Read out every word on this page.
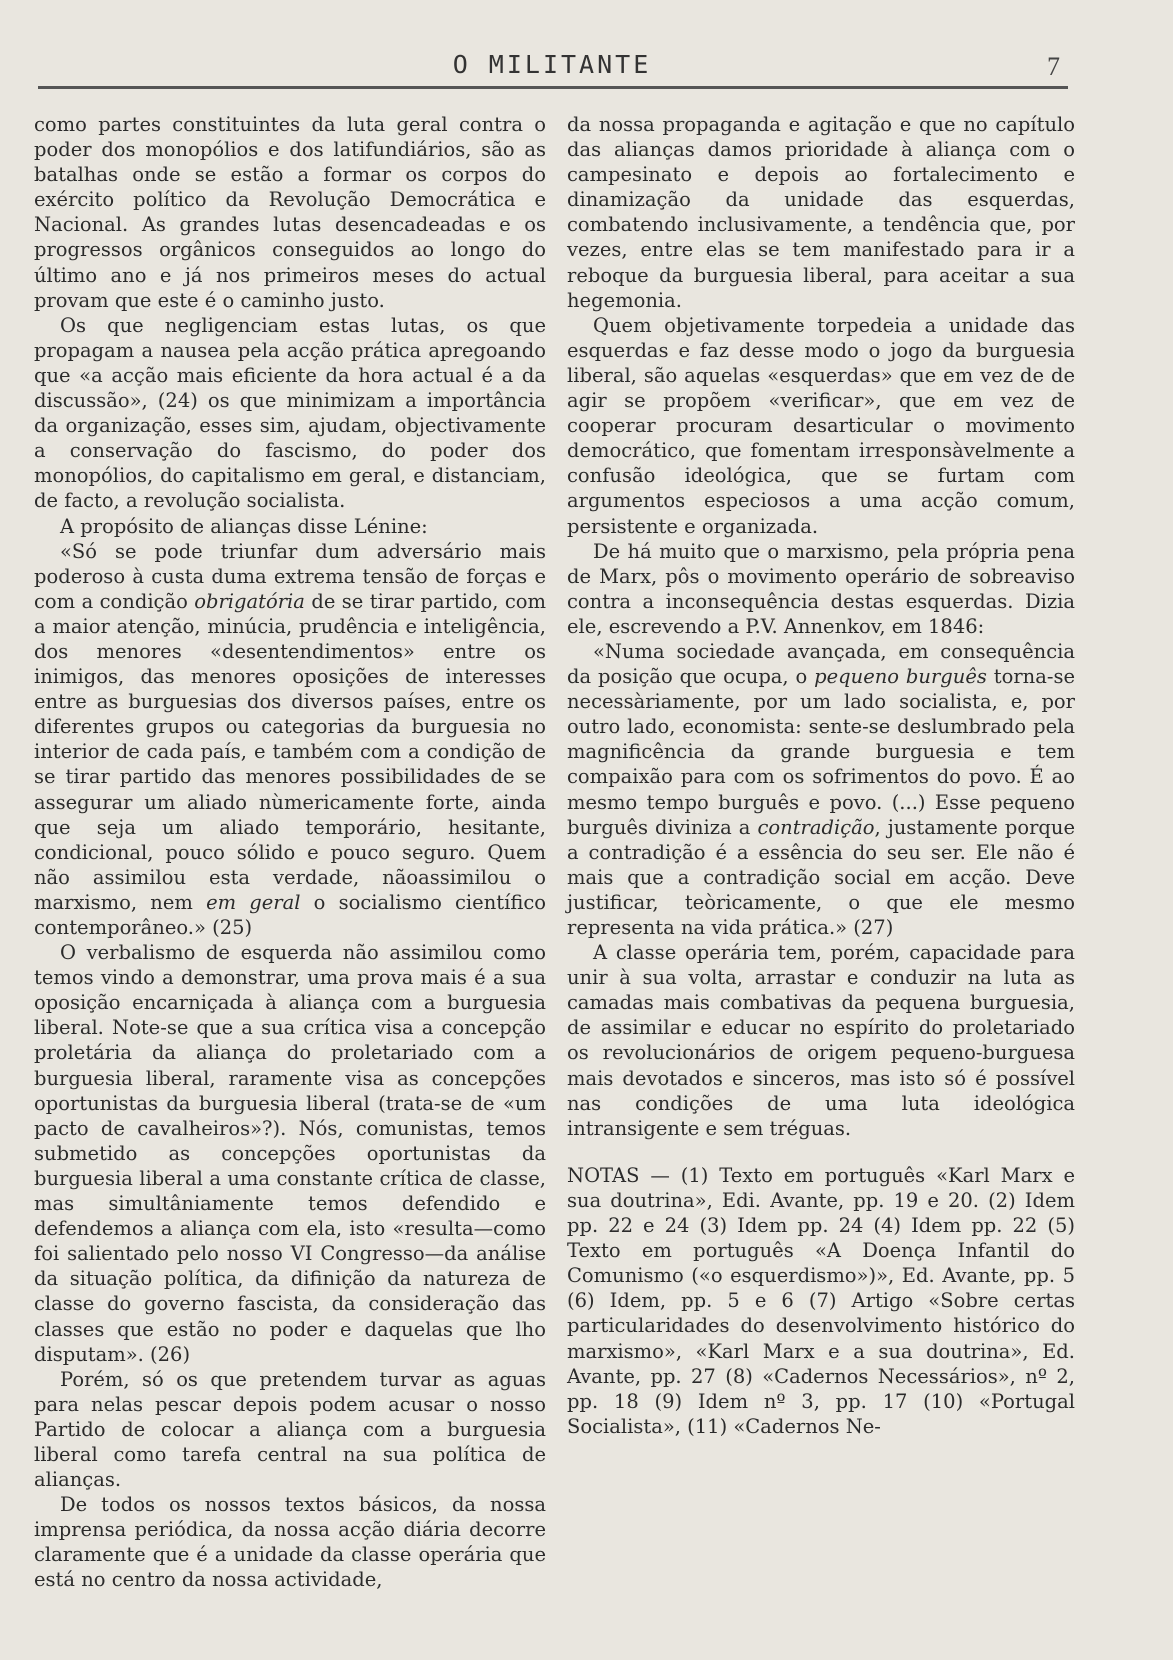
O MILITANTE	7

como partes constituintes da luta geral contra o poder dos monopólios e dos latifundiários, são as batalhas onde se estão a formar os corpos do exército político da Revolução Democrática e Nacional. As grandes lutas desencadeadas e os progressos orgânicos conseguidos ao longo do último ano e já nos primeiros meses do actual provam que este é o caminho justo.

Os que negligenciam estas lutas, os que propagam a nausea pela acção prática apregoando que «a acção mais eficiente da hora actual é a da discussão», (24) os que minimizam a importância da organização, esses sim, ajudam, objectivamente a conservação do fascismo, do poder dos monopólios, do capitalismo em geral, e distanciam, de facto, a revolução socialista.

A propósito de alianças disse Lénine:

«Só se pode triunfar dum adversário mais poderoso à custa duma extrema tensão de forças e com a condição obrigatória de se tirar partido, com a maior atenção, minúcia, prudência e inteligência, dos menores «desentendimentos» entre os inimigos, das menores oposições de interesses entre as burguesias dos diversos países, entre os diferentes grupos ou categorias da burguesia no interior de cada país, e também com a condição de se tirar partido das menores possibilidades de se assegurar um aliado nùmericamente forte, ainda que seja um aliado temporário, hesitante, condicional, pouco sólido e pouco seguro. Quem não assimilou esta verdade, nãoassimilou o marxismo, nem em geral o socialismo científico contemporâneo.» (25)

O verbalismo de esquerda não assimilou como temos vindo a demonstrar, uma prova mais é a sua oposição encarniçada à aliança com a burguesia liberal. Note-se que a sua crítica visa a concepção proletária da aliança do proletariado com a burguesia liberal, raramente visa as concepções oportunistas da burguesia liberal (trata-se de «um pacto de cavalheiros»?). Nós, comunistas, temos submetido as concepções oportunistas da burguesia liberal a uma constante crítica de classe, mas simultâniamente temos defendido e defendemos a aliança com ela, isto «resulta—como foi salientado pelo nosso VI Congresso—da análise da situação política, da difinição da natureza de classe do governo fascista, da consideração das classes que estão no poder e daquelas que lho disputam». (26)

Porém, só os que pretendem turvar as aguas para nelas pescar depois podem acusar o nosso Partido de colocar a aliança com a burguesia liberal como tarefa central na sua política de alianças.

De todos os nossos textos básicos, da nossa imprensa periódica, da nossa acção diária decorre claramente que é a unidade da classe operária que está no centro da nossa actividade,

da nossa propaganda e agitação e que no capítulo das alianças damos prioridade à aliança com o campesinato e depois ao fortalecimento e dinamização da unidade das esquerdas, combatendo inclusivamente, a tendência que, por vezes, entre elas se tem manifestado para ir a reboque da burguesia liberal, para aceitar a sua hegemonia.

Quem objetivamente torpedeia a unidade das esquerdas e faz desse modo o jogo da burguesia liberal, são aquelas «esquerdas» que em vez de de agir se propõem «verificar», que em vez de cooperar procuram desarticular o movimento democrático, que fomentam irresponsàvelmente a confusão ideológica, que se furtam com argumentos especiosos a uma acção comum, persistente e organizada.

De há muito que o marxismo, pela própria pena de Marx, pôs o movimento operário de sobreaviso contra a inconsequência destas esquerdas. Dizia ele, escrevendo a P.V. Annenkov, em 1846:

«Numa sociedade avançada, em consequência da posição que ocupa, o pequeno burguês torna-se necessàriamente, por um lado socialista, e, por outro lado, economista: sente-se deslumbrado pela magnificência da grande burguesia e tem compaixão para com os sofrimentos do povo. É ao mesmo tempo burguês e povo. (...) Esse pequeno burguês diviniza a contradição, justamente porque a contradição é a essência do seu ser. Ele não é mais que a contradição social em acção. Deve justificar, teòricamente, o que ele mesmo representa na vida prática.» (27)

A classe operária tem, porém, capacidade para unir à sua volta, arrastar e conduzir na luta as camadas mais combativas da pequena burguesia, de assimilar e educar no espírito do proletariado os revolucionários de origem pequeno-burguesa mais devotados e sinceros, mas isto só é possível nas condições de uma luta ideológica intransigente e sem tréguas.

NOTAS — (1) Texto em português «Karl Marx e sua doutrina», Edi. Avante, pp. 19 e 20. (2) Idem pp. 22 e 24 (3) Idem pp. 24 (4) Idem pp. 22 (5) Texto em português «A Doença Infantil do Comunismo («o esquerdismo»)», Ed. Avante, pp. 5 (6) Idem, pp. 5 e 6 (7) Artigo «Sobre certas particularidades do desenvolvimento histórico do marxismo», «Karl Marx e a sua doutrina», Ed. Avante, pp. 27 (8) «Cadernos Necessários», nº 2, pp. 18 (9) Idem nº 3, pp. 17 (10) «Portugal Socialista», (11) «Cadernos Ne-
